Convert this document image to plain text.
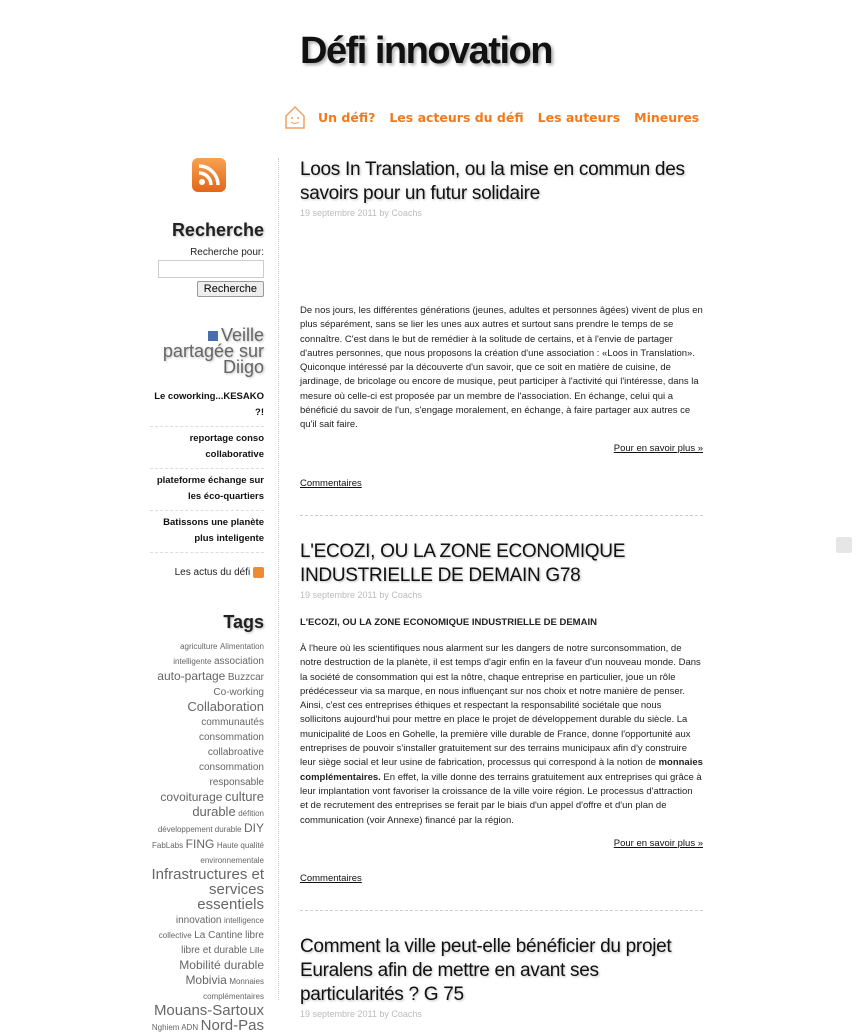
Défi innovation
Un défi? Les acteurs du défi Les auteurs Mineures
Recherche
Recherche pour:
Recherche
Veille partagée sur Diigo
Le coworking...KESAKO ?!
reportage conso collaborative
plateforme échange sur les éco-quartiers
Batissons une planète plus inteligente
Les actus du défi
Tags
agriculture Alimentation intelligente association auto-partage Buzzcar Co-working Collaboration communautés consommation collabroative consommation responsable covoiturage culture durable défition développement durable DIY FabLabs FING Haute qualité environnementale Infrastructures et services essentiels innovation intelligence collective La Cantine libre libre et durable Lille Mobilité durable Mobivia Monnaies complémentaires Mouans-Sartoux Nghiem ADN Nord-Pas
Loos In Translation, ou la mise en commun des savoirs pour un futur solidaire
19 septembre 2011 by Coachs

De nos jours, les différentes générations (jeunes, adultes et personnes âgées) vivent de plus en plus séparément, sans se lier les unes aux autres et surtout sans prendre le temps de se connaître. C'est dans le but de remédier à la solitude de certains, et à l'envie de partager d'autres personnes, que nous proposons la création d'une association : «Loos in Translation». Quiconque intéressé par la découverte d'un savoir, que ce soit en matière de cuisine, de jardinage, de bricolage ou encore de musique, peut participer à l'activité qui l'intéresse, dans la mesure où celle-ci est proposée par un membre de l'association. En échange, celui qui a bénéficié du savoir de l'un, s'engage moralement, en échange, à faire partager aux autres ce qu'il sait faire.

Pour en savoir plus »
Commentaires
L'ECOZI, OU LA ZONE ECONOMIQUE INDUSTRIELLE DE DEMAIN G78
19 septembre 2011 by Coachs

L'ECOZI, OU LA ZONE ECONOMIQUE INDUSTRIELLE DE DEMAIN

À l'heure où les scientifiques nous alarment sur les dangers de notre surconsommation, de notre destruction de la planète, il est temps d'agir enfin en la faveur d'un nouveau monde. Dans la société de consommation qui est la nôtre, chaque entreprise en particulier, joue un rôle prédécesseur via sa marque, en nous influençant sur nos choix et notre manière de penser. Ainsi, c'est ces entreprises éthiques et respectant la responsabilité sociétale que nous sollicitons aujourd'hui pour mettre en place le projet de développement durable du siècle. La municipalité de Loos en Gohelle, la première ville durable de France, donne l'opportunité aux entreprises de pouvoir s'installer gratuitement sur des terrains municipaux afin d'y construire leur siège social et leur usine de fabrication, processus qui correspond à la notion de monnaies complémentaires. En effet, la ville donne des terrains gratuitement aux entreprises qui grâce à leur implantation vont favoriser la croissance de la ville voire région. Le processus d'attraction et de recrutement des entreprises se ferait par le biais d'un appel d'offre et d'un plan de communication (voir Annexe) financé par la région.

Pour en savoir plus »
Commentaires
Comment la ville peut-elle bénéficier du projet Euralens afin de mettre en avant ses particularités ? G 75
19 septembre 2011 by Coachs
